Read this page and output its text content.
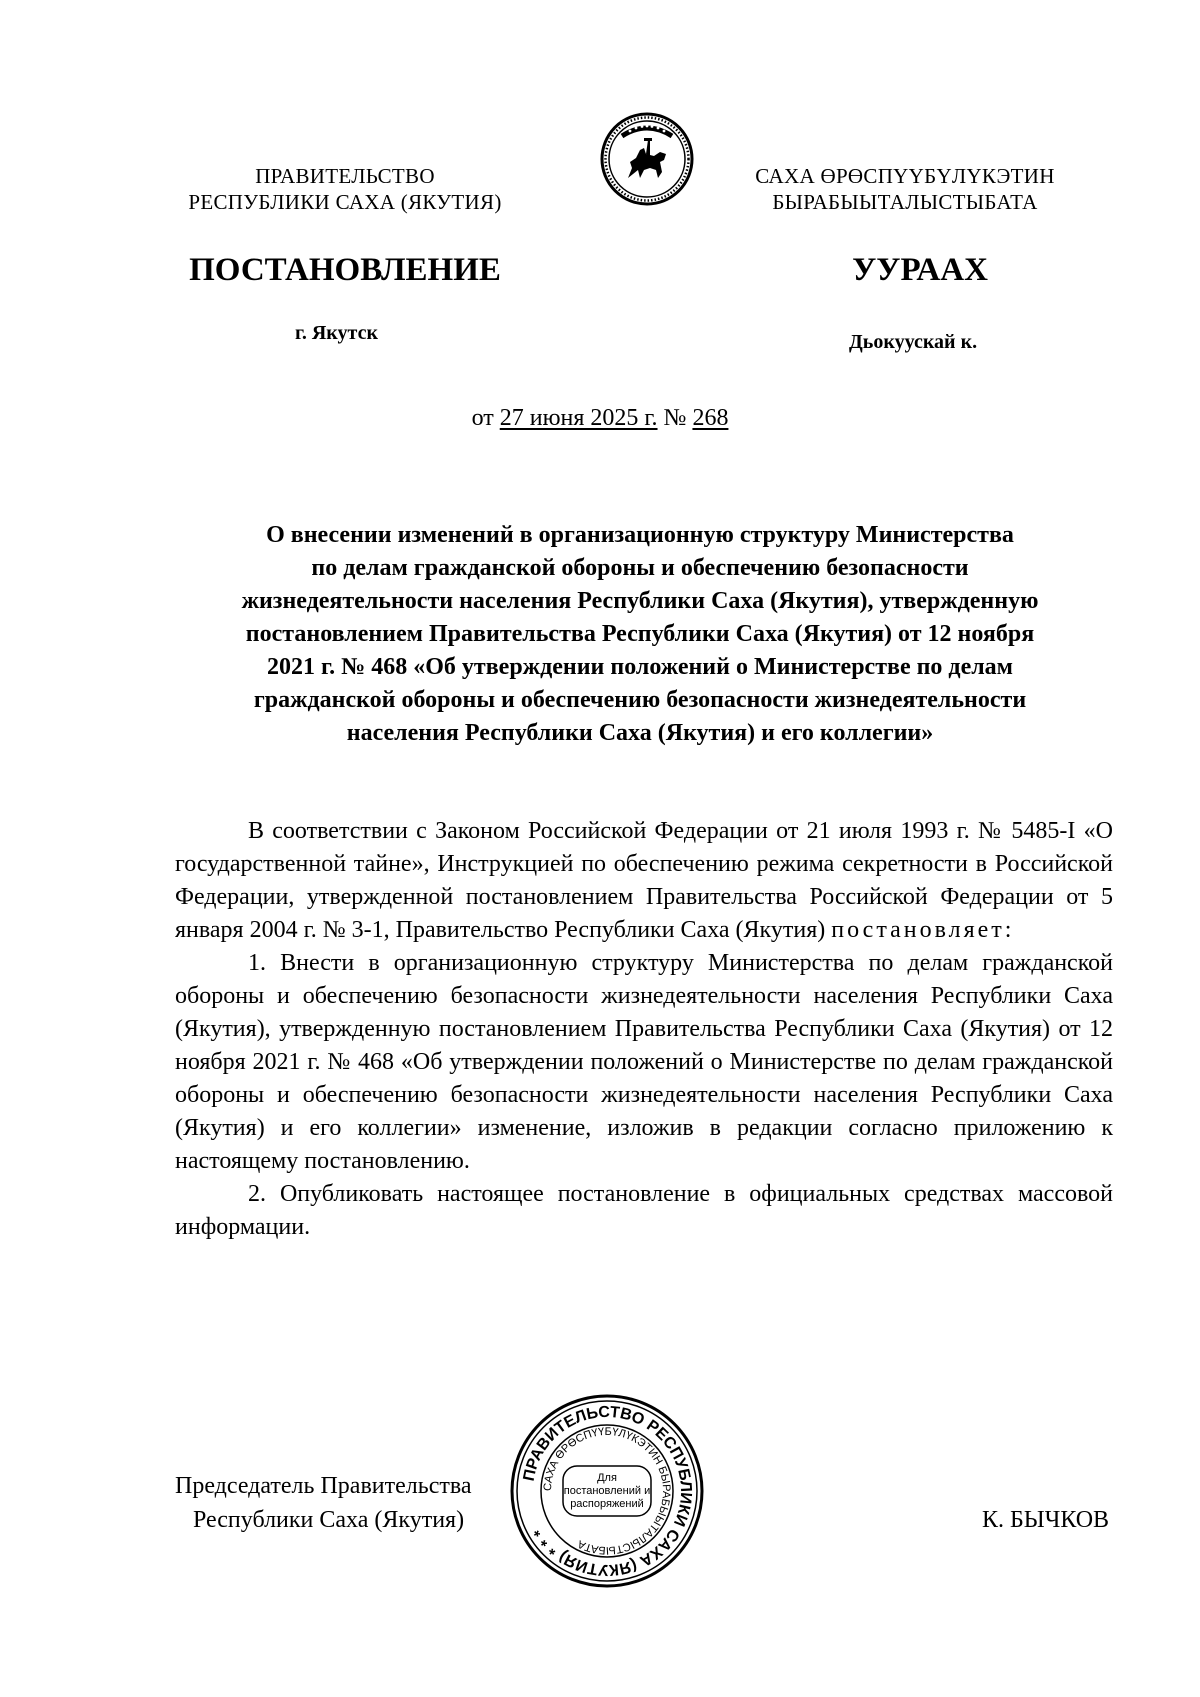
ПРАВИТЕЛЬСТВО
РЕСПУБЛИКИ САХА (ЯКУТИЯ)
САХА ӨРӨСПҮҮБҮЛҮКЭТИН
БЫРАБЫЫТАЛЫСТЫБАТА
ПОСТАНОВЛЕНИЕ	УУРААХ
г. Якутск	Дьокуускай к.
от 27 июня 2025 г. № 268
О внесении изменений в организационную структуру Министерства
по делам гражданской обороны и обеспечению безопасности
жизнедеятельности населения Республики Саха (Якутия), утвержденную
постановлением Правительства Республики Саха (Якутия) от 12 ноября
2021 г. № 468 «Об утверждении положений о Министерстве по делам
гражданской обороны и обеспечению безопасности жизнедеятельности
населения Республики Саха (Якутия) и его коллегии»

В соответствии с Законом Российской Федерации от 21 июля 1993 г. № 5485-I «О государственной тайне», Инструкцией по обеспечению режима секретности в Российской Федерации, утвержденной постановлением Правительства Российской Федерации от 5 января 2004 г. № 3-1, Правительство Республики Саха (Якутия) постановляет:

1. Внести в организационную структуру Министерства по делам гражданской обороны и обеспечению безопасности жизнедеятельности населения Республики Саха (Якутия), утвержденную постановлением Правительства Республики Саха (Якутия) от 12 ноября 2021 г. № 468 «Об утверждении положений о Министерстве по делам гражданской обороны и обеспечению безопасности жизнедеятельности населения Республики Саха (Якутия) и его коллегии» изменение, изложив в редакции согласно приложению к настоящему постановлению.

2. Опубликовать настоящее постановление в официальных средствах массовой информации.

Председатель Правительства
Республики Саха (Якутия)	К. БЫЧКОВ
ПРАВИТЕЛЬСТВО РЕСПУБЛИКИ САХА (ЯКУТИЯ) * * *
САХА ӨРӨСПҮҮБҮЛҮКЭТИН БЫРАБЫЫТАЛЫСТЫБАТА
Для
постановлений и
распоряжений
